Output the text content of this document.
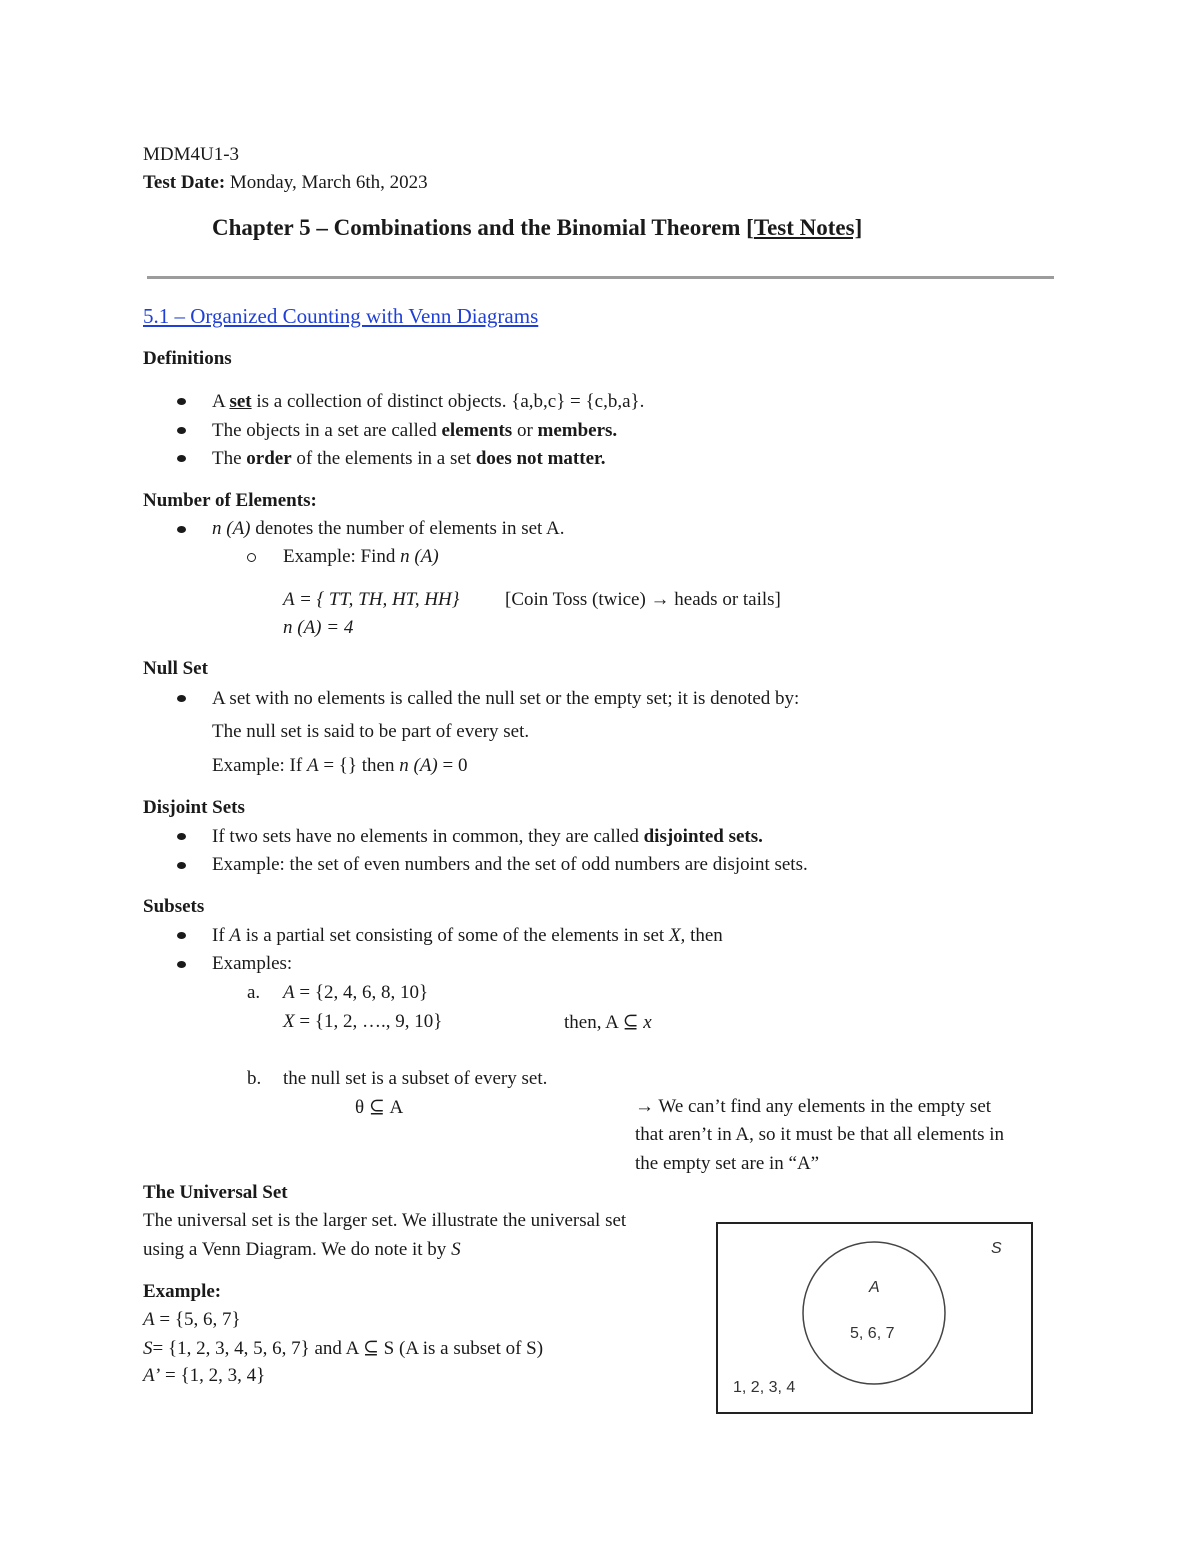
MDM4U1-3
Test Date: Monday, March 6th, 2023
Chapter 5 – Combinations and the Binomial Theorem [Test Notes]
5.1 – Organized Counting with Venn Diagrams
Definitions
A set is a collection of distinct objects. {a,b,c} = {c,b,a}.
The objects in a set are called elements or members.
The order of the elements in a set does not matter.
Number of Elements:
n (A) denotes the number of elements in set A.
Example: Find n (A)
A = { TT, TH, HT, HH} [Coin Toss (twice) → heads or tails]
n (A) = 4
Null Set
A set with no elements is called the null set or the empty set; it is denoted by:
The null set is said to be part of every set.
Example: If A = {} then n (A) = 0
Disjoint Sets
If two sets have no elements in common, they are called disjointed sets.
Example: the set of even numbers and the set of odd numbers are disjoint sets.
Subsets
If A is a partial set consisting of some of the elements in set X, then
Examples:
a. A = {2, 4, 6, 8, 10}
X = {1, 2, …., 9, 10}	then, A ⊆ x
b. the null set is a subset of every set.
θ ⊆ A	→ We can’t find any elements in the empty set
that aren’t in A, so it must be that all elements in
the empty set are in “A”
The Universal Set
The universal set is the larger set. We illustrate the universal set
using a Venn Diagram. We do note it by S
Example:
A = {5, 6, 7}
S= {1, 2, 3, 4, 5, 6, 7} and A ⊆ S (A is a subset of S)
A’ = {1, 2, 3, 4}
S
A
5, 6, 7
1, 2, 3, 4
